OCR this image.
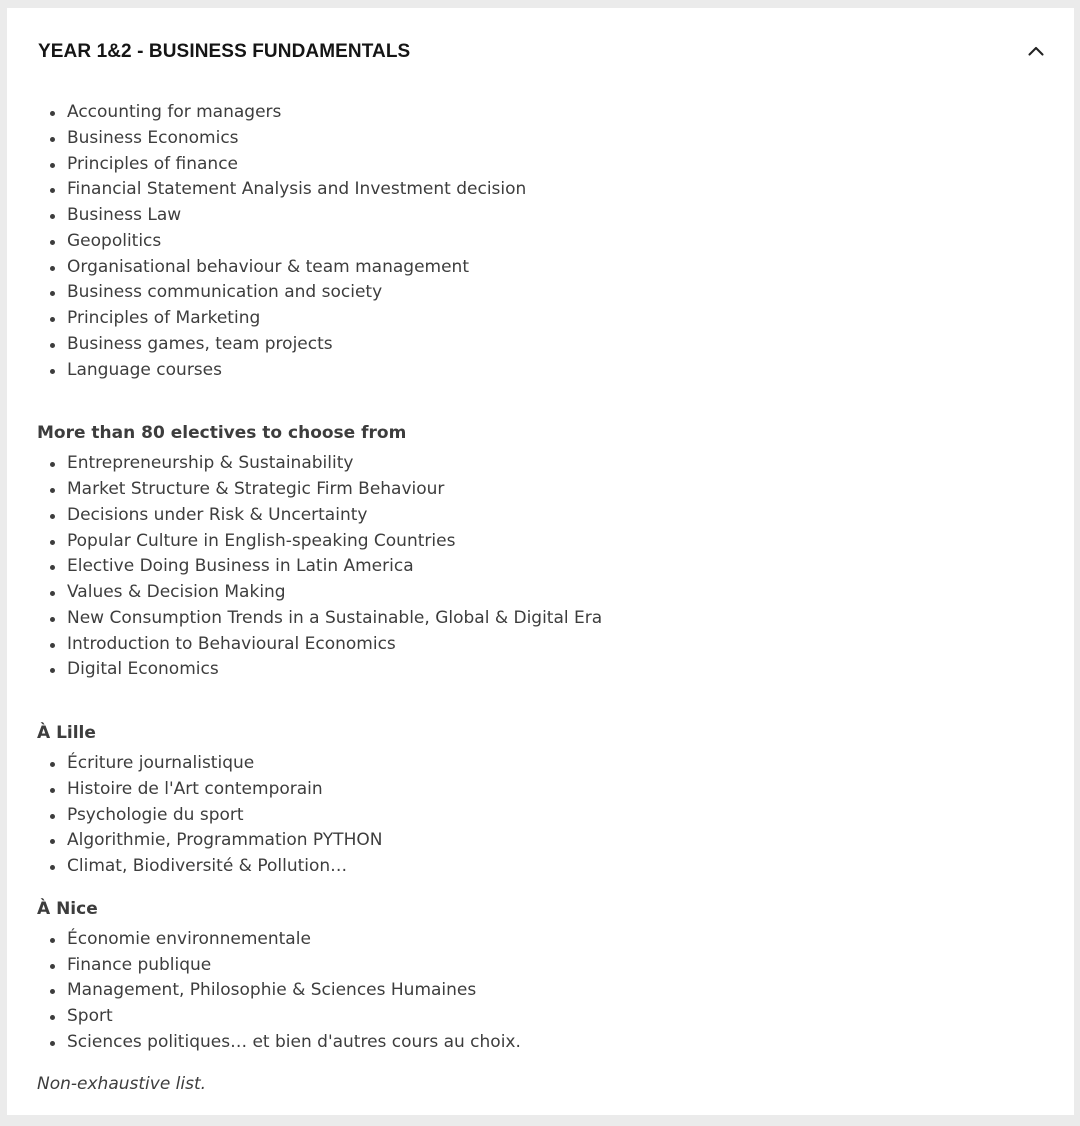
YEAR 1&2 - BUSINESS FUNDAMENTALS
Accounting for managers
Business Economics
Principles of finance
Financial Statement Analysis and Investment decision
Business Law
Geopolitics
Organisational behaviour & team management
Business communication and society
Principles of Marketing
Business games, team projects
Language courses
More than 80 electives to choose from
Entrepreneurship & Sustainability
Market Structure & Strategic Firm Behaviour
Decisions under Risk & Uncertainty
Popular Culture in English-speaking Countries
Elective Doing Business in Latin America
Values & Decision Making
New Consumption Trends in a Sustainable, Global & Digital Era
Introduction to Behavioural Economics
Digital Economics
À Lille
Écriture journalistique
Histoire de l'Art contemporain
Psychologie du sport
Algorithmie, Programmation PYTHON
Climat, Biodiversité & Pollution…
À Nice
Économie environnementale
Finance publique
Management, Philosophie & Sciences Humaines
Sport
Sciences politiques… et bien d'autres cours au choix.
Non-exhaustive list.
